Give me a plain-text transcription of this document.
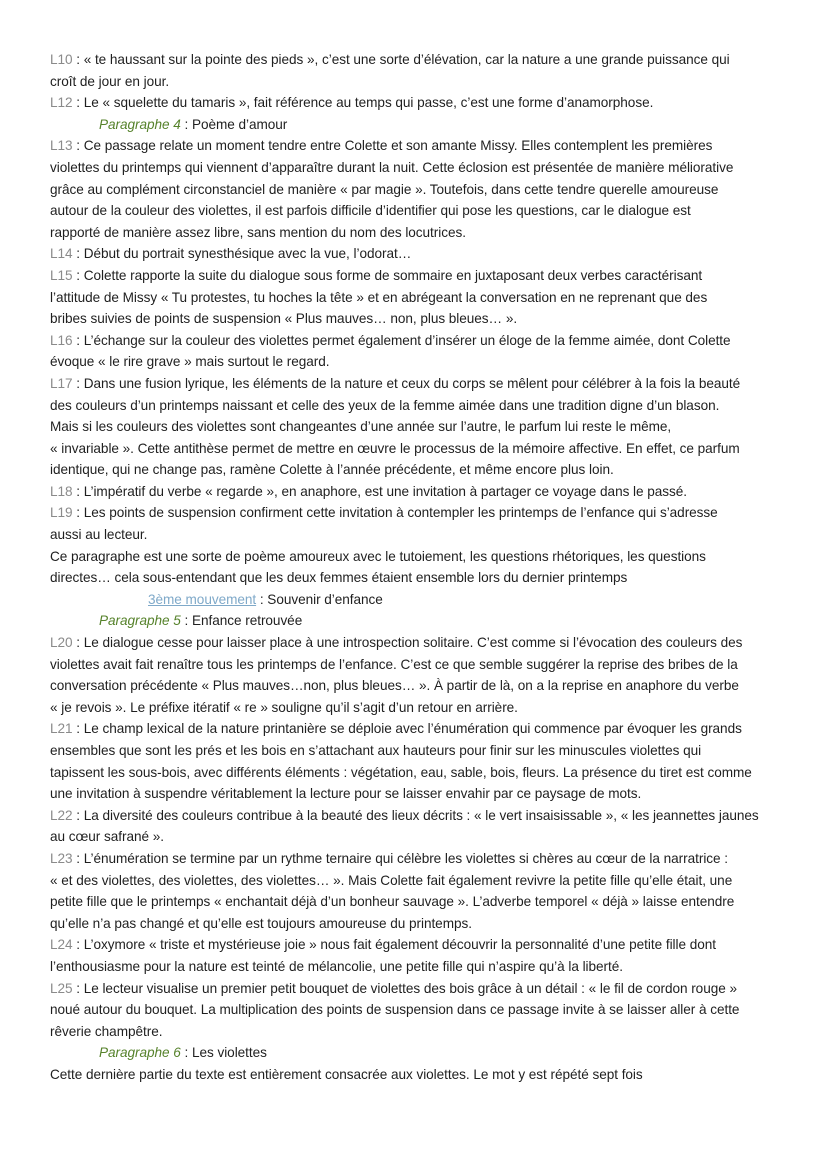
L10 : « te haussant sur la pointe des pieds », c’est une sorte d’élévation, car la nature a une grande puissance qui
croît de jour en jour.
L12 : Le « squelette du tamaris », fait référence au temps qui passe, c’est une forme d’anamorphose.
Paragraphe 4 : Poème d’amour
L13 : Ce passage relate un moment tendre entre Colette et son amante Missy. Elles contemplent les premières
violettes du printemps qui viennent d’apparaître durant la nuit. Cette éclosion est présentée de manière méliorative
grâce au complément circonstanciel de manière « par magie ». Toutefois, dans cette tendre querelle amoureuse
autour de la couleur des violettes, il est parfois difficile d’identifier qui pose les questions, car le dialogue est
rapporté de manière assez libre, sans mention du nom des locutrices.
L14 : Début du portrait synesthésique avec la vue, l’odorat…
L15 : Colette rapporte la suite du dialogue sous forme de sommaire en juxtaposant deux verbes caractérisant
l’attitude de Missy « Tu protestes, tu hoches la tête » et en abrégeant la conversation en ne reprenant que des
bribes suivies de points de suspension « Plus mauves… non, plus bleues… ».
L16 : L’échange sur la couleur des violettes permet également d’insérer un éloge de la femme aimée, dont Colette
évoque « le rire grave » mais surtout le regard.
L17 : Dans une fusion lyrique, les éléments de la nature et ceux du corps se mêlent pour célébrer à la fois la beauté
des couleurs d’un printemps naissant et celle des yeux de la femme aimée dans une tradition digne d’un blason.
Mais si les couleurs des violettes sont changeantes d’une année sur l’autre, le parfum lui reste le même,
« invariable ». Cette antithèse permet de mettre en œuvre le processus de la mémoire affective. En effet, ce parfum
identique, qui ne change pas, ramène Colette à l’année précédente, et même encore plus loin.
L18 : L’impératif du verbe « regarde », en anaphore, est une invitation à partager ce voyage dans le passé.
L19 : Les points de suspension confirment cette invitation à contempler les printemps de l’enfance qui s’adresse
aussi au lecteur.
Ce paragraphe est une sorte de poème amoureux avec le tutoiement, les questions rhétoriques, les questions
directes… cela sous-entendant que les deux femmes étaient ensemble lors du dernier printemps
3ème mouvement : Souvenir d’enfance
Paragraphe 5 : Enfance retrouvée
L20 : Le dialogue cesse pour laisser place à une introspection solitaire. C’est comme si l’évocation des couleurs des
violettes avait fait renaître tous les printemps de l’enfance. C’est ce que semble suggérer la reprise des bribes de la
conversation précédente « Plus mauves…non, plus bleues… ». À partir de là, on a la reprise en anaphore du verbe
« je revois ». Le préfixe itératif « re » souligne qu’il s’agit d’un retour en arrière.
L21 : Le champ lexical de la nature printanière se déploie avec l’énumération qui commence par évoquer les grands
ensembles que sont les prés et les bois en s’attachant aux hauteurs pour finir sur les minuscules violettes qui
tapissent les sous-bois, avec différents éléments : végétation, eau, sable, bois, fleurs. La présence du tiret est comme
une invitation à suspendre véritablement la lecture pour se laisser envahir par ce paysage de mots.
L22 : La diversité des couleurs contribue à la beauté des lieux décrits : « le vert insaisissable », « les jeannettes jaunes
au cœur safrané ».
L23 : L’énumération se termine par un rythme ternaire qui célèbre les violettes si chères au cœur de la narratrice :
« et des violettes, des violettes, des violettes… ». Mais Colette fait également revivre la petite fille qu’elle était, une
petite fille que le printemps « enchantait déjà d’un bonheur sauvage ». L’adverbe temporel « déjà » laisse entendre
qu’elle n’a pas changé et qu’elle est toujours amoureuse du printemps.
L24 : L’oxymore « triste et mystérieuse joie » nous fait également découvrir la personnalité d’une petite fille dont
l’enthousiasme pour la nature est teinté de mélancolie, une petite fille qui n’aspire qu’à la liberté.
L25 : Le lecteur visualise un premier petit bouquet de violettes des bois grâce à un détail : « le fil de cordon rouge »
noué autour du bouquet. La multiplication des points de suspension dans ce passage invite à se laisser aller à cette
rêverie champêtre.
Paragraphe 6 : Les violettes
Cette dernière partie du texte est entièrement consacrée aux violettes. Le mot y est répété sept fois
